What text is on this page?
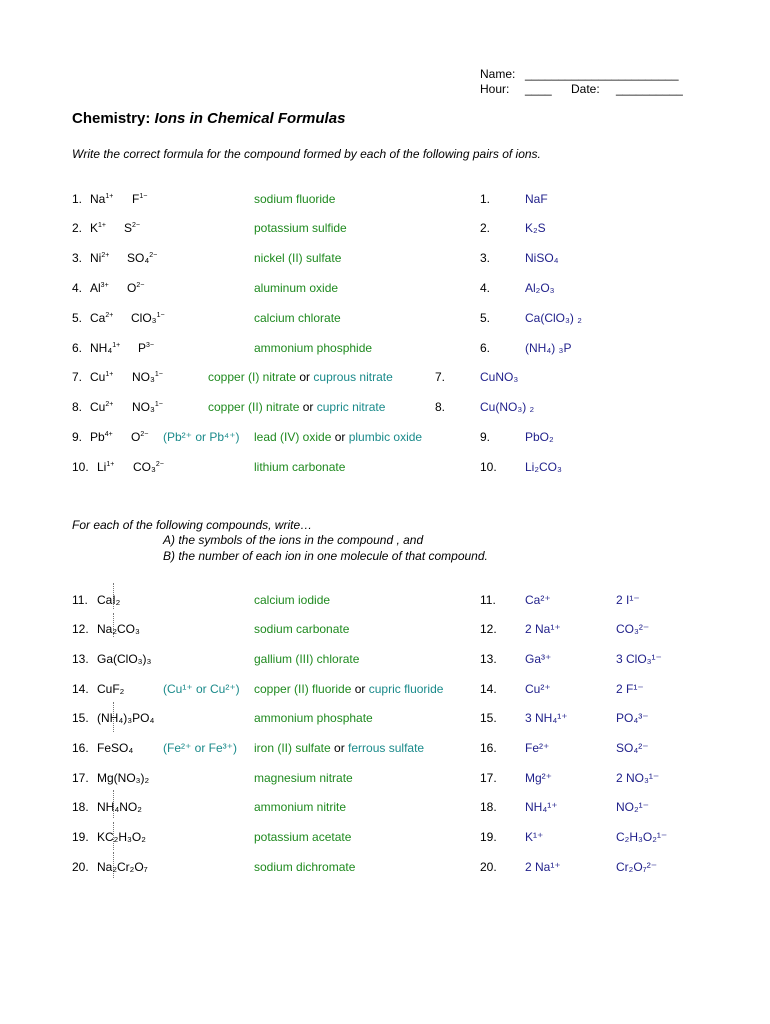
Name: _______________________
Hour: ____ Date: __________
Chemistry: Ions in Chemical Formulas
Write the correct formula for the compound formed by each of the following pairs of ions.
1. $Na^{1+}$ $F^{1-}$	sodium fluoride	1.	NaF
2. $K^{1+}$ $S^{2-}$	potassium sulfide	2.	K₂S
3. $Ni^{2+}$ SO₄$^{2-}$	nickel (II) sulfate	3.	NiSO₄
4. $Al^{3+}$ $O^{2-}$	aluminum oxide	4.	Al₂O₃
5. $Ca^{2+}$ ClO₃$^{1-}$	calcium chlorate	5.	Ca(ClO₃) ₂
6. NH₄$^{1+}$ $P^{3-}$	ammonium phosphide	6.	(NH₄) ₃P
7. $Cu^{1+}$ NO₃$^{1-}$	copper (I) nitrate or cuprous nitrate	7.	CuNO₃
8. $Cu^{2+}$ NO₃$^{1-}$	copper (II) nitrate or cupric nitrate	8.	Cu(NO₃) ₂
9. $Pb^{4+}$ $O^{2-}$ (Pb²⁺ or Pb⁴⁺) lead (IV) oxide or plumbic oxide	9.	PbO₂
10. $Li^{1+}$ CO₃$^{2-}$	lithium carbonate	10. Li₂CO₃
For each of the following compounds, write…
A) the symbols of the ions in the compound , and
B) the number of each ion in one molecule of that compound.
11. CaI₂	calcium iodide	11. Ca²⁺	2 I¹⁻
12. Na₂CO₃	sodium carbonate	12. 2 Na¹⁺	CO₃²⁻
13. Ga(ClO₃)₃	gallium (III) chlorate	13. Ga³⁺	3 ClO₃¹⁻
14. CuF₂	(Cu¹⁺ or Cu²⁺) copper (II) fluoride or cupric fluoride	14. Cu²⁺	2 F¹⁻
15. (NH₄)₃PO₄	ammonium phosphate	15. 3 NH₄¹⁺	PO₄³⁻
16. FeSO₄ (Fe²⁺ or Fe³⁺) iron (II) sulfate or ferrous sulfate	16. Fe²⁺	SO₄²⁻
17. Mg(NO₃)₂	magnesium nitrate	17. Mg²⁺	2 NO₃¹⁻
18. NH₄NO₂	ammonium nitrite	18. NH₄¹⁺	NO₂¹⁻
19. KC₂H₃O₂	potassium acetate	19. K¹⁺	C₂H₃O₂¹⁻
20. Na₂Cr₂O₇	sodium dichromate	20. 2 Na¹⁺	Cr₂O₇²⁻
